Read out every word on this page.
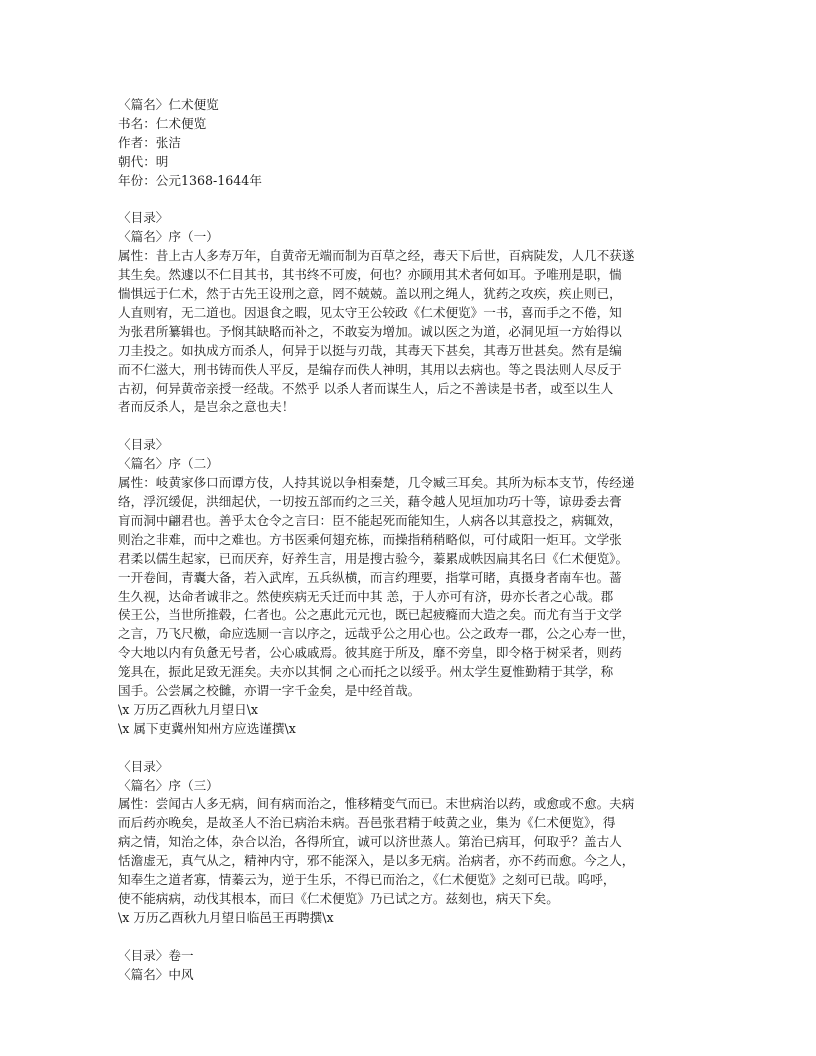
〈篇名〉仁术便览
书名：仁术便览
作者：张洁
朝代：明
年份：公元1368-1644年
〈目录〉
〈篇名〉序（一）
属性：昔上古人多寿万年，自黄帝无端而制为百草之经，毒天下后世，百病陡发，人几不获遂
其生矣。然遽以不仁目其书，其书终不可废，何也？亦顾用其术者何如耳。予唯刑是职，惴
惴惧远于仁术，然于古先王设刑之意，罔不兢兢。盖以刑之绳人，犹药之攻疾，疾止则已，
人直则宥，无二道也。因退食之暇，见太守王公较政《仁术便览》一书，喜而手之不倦，知
为张君所纂辑也。予悯其缺略而补之，不敢妄为增加。诚以医之为道，必洞见垣一方始得以
刀圭投之。如执成方而杀人，何异于以挺与刃哉，其毒天下甚矣，其毒万世甚矣。然有是编
而不仁滋大，刑书铸而佚人平反，是编存而佚人神明，其用以去病也。等之畏法则人尽反于
古初，何异黄帝亲授一经哉。不然乎 以杀人者而谋生人，后之不善读是书者，或至以生人
者而反杀人，是岂余之意也夫！
〈目录〉
〈篇名〉序（二）
属性：岐黄家侈口而谭方伎，人持其说以争相秦楚，几令臧三耳矣。其所为标本支节，传经递
络，浮沉缓促，洪细起伏，一切按五部而约之三关，藉令越人见垣加功巧十等，谅毋委去膏
肓而洞中翩君也。善乎太仓令之言曰：臣不能起死而能知生，人病各以其意投之，病辄效，
则治之非难，而中之难也。方书医乘何翅充栋，而操指稍稍略似，可付咸阳一炬耳。文学张
君柔以儒生起家，已而厌弃，好养生言，用是搜古验今，蓁累成帙因扁其名曰《仁术便览》。
一开卷间，青囊大备，若入武库，五兵纵横，而言约理要，指掌可睹，真摄身者南车也。蔷
生久视，达命者诚非之。然使疾病无夭迁而中其 恙，于人亦可有济，毋亦长者之心哉。郡
侯王公，当世所推毂，仁者也。公之惠此元元也，既已起疲癃而大造之矣。而尤有当于文学
之言，乃飞尺檄，命应选厕一言以序之，远哉乎公之用心也。公之政寿一郡，公之心寿一世，
令大地以内有负惫无号者，公心戚戚焉。彼其庭于所及，靡不旁皇，即令格于树采者，则药
笼具在，振此足致无涯矣。夫亦以其恫 之心而托之以绥乎。州太学生夏惟勤精于其学，称
国手。公尝属之校雠，亦谓一字千金矣，是中经首哉。
\x 万历乙酉秋九月望日\x
\x 属下吏冀州知州方应选谨撰\x
〈目录〉
〈篇名〉序（三）
属性：尝闻古人多无病，间有病而治之，惟移精变气而已。末世病治以药，或愈或不愈。夫病
而后药亦晚矣，是故圣人不治已病治未病。吾邑张君精于岐黄之业，集为《仁术便览》，得
病之情，知治之体，杂合以治，各得所宜，诚可以济世蒸人。第治已病耳，何取乎？盖古人
恬澹虚无，真气从之，精神内守，邪不能深入，是以多无病。治病者，亦不药而愈。今之人，
知奉生之道者寡，情蓁云为，逆于生乐，不得已而治之，《仁术便览》之刻可已哉。呜呼，
使不能病病，动伐其根本，而曰《仁术便览》乃已试之方。兹刻也，病天下矣。
\x 万历乙酉秋九月望日临邑王再聘撰\x
〈目录〉卷一
〈篇名〉中风
